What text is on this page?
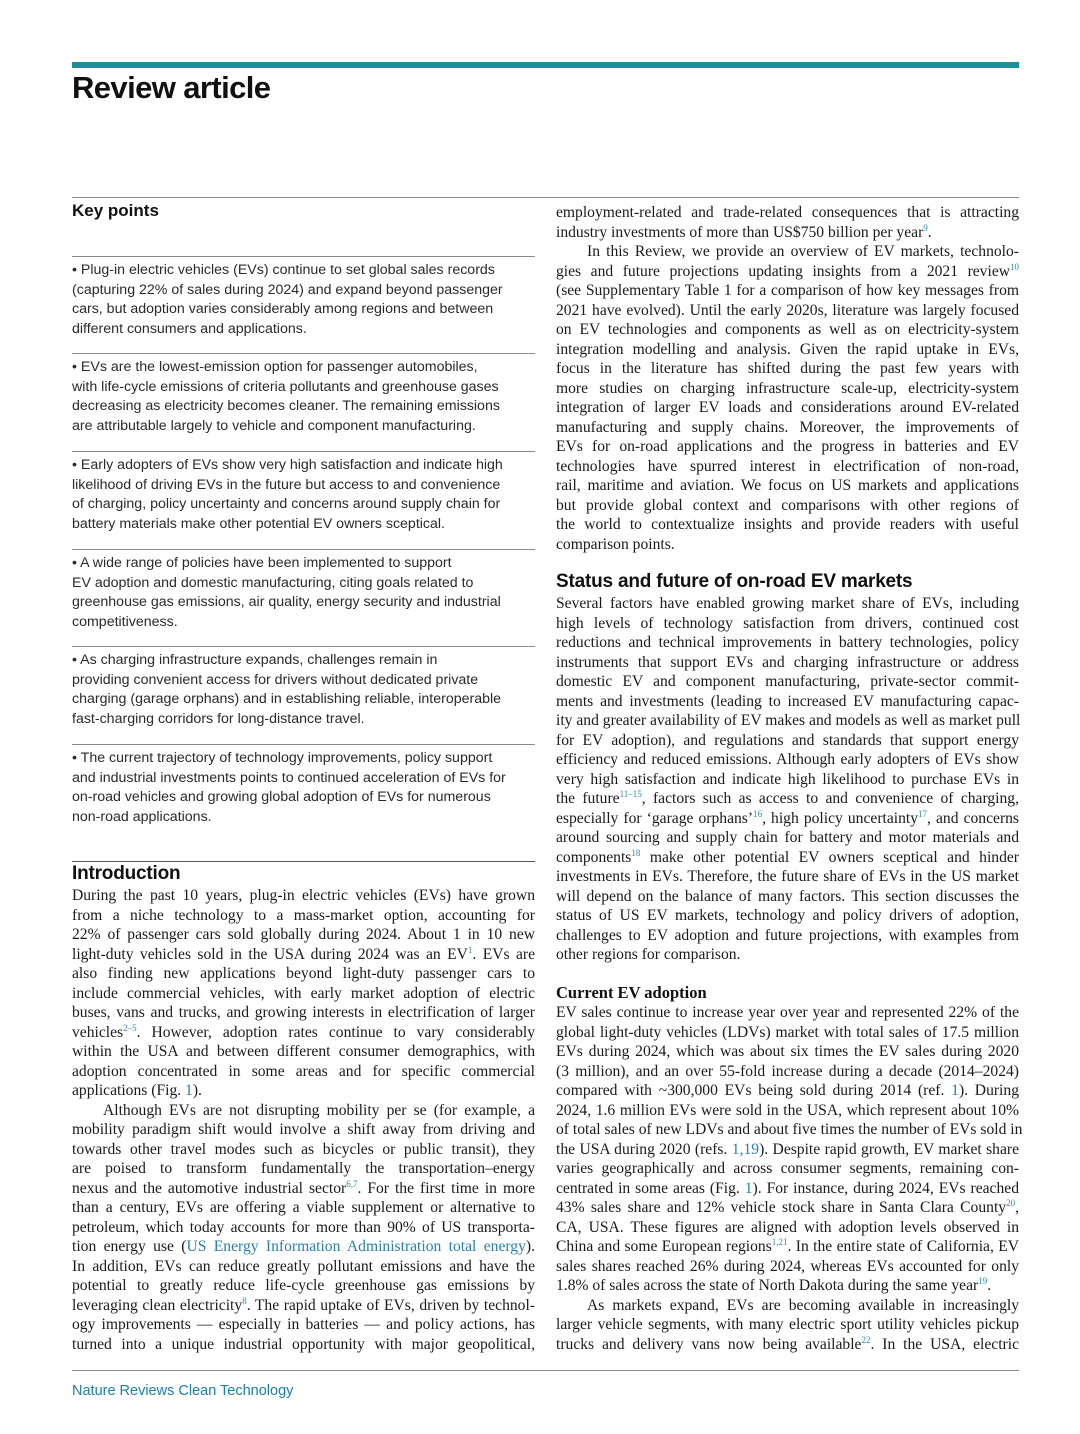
Review article
Key points
• Plug-in electric vehicles (EVs) continue to set global sales records
(capturing 22% of sales during 2024) and expand beyond passenger
cars, but adoption varies considerably among regions and between
different consumers and applications.
• EVs are the lowest-emission option for passenger automobiles,
with life-cycle emissions of criteria pollutants and greenhouse gases
decreasing as electricity becomes cleaner. The remaining emissions
are attributable largely to vehicle and component manufacturing.
• Early adopters of EVs show very high satisfaction and indicate high
likelihood of driving EVs in the future but access to and convenience
of charging, policy uncertainty and concerns around supply chain for
battery materials make other potential EV owners sceptical.
• A wide range of policies have been implemented to support
EV adoption and domestic manufacturing, citing goals related to
greenhouse gas emissions, air quality, energy security and industrial
competitiveness.
• As charging infrastructure expands, challenges remain in
providing convenient access for drivers without dedicated private
charging (garage orphans) and in establishing reliable, interoperable
fast-charging corridors for long-distance travel.
• The current trajectory of technology improvements, policy support
and industrial investments points to continued acceleration of EVs for
on-road vehicles and growing global adoption of EVs for numerous
non-road applications.
Introduction
During the past 10 years, plug-in electric vehicles (EVs) have grown
from a niche technology to a mass-market option, accounting for
22% of passenger cars sold globally during 2024. About 1 in 10 new
light-duty vehicles sold in the USA during 2024 was an $EV^1$. EVs are
also finding new applications beyond light-duty passenger cars to
include commercial vehicles, with early market adoption of electric
buses, vans and trucks, and growing interests in electrification of larger
vehicles$^{2-5}$. However, adoption rates continue to vary considerably
within the USA and between different consumer demographics, with
adoption concentrated in some areas and for specific commercial
applications (Fig. 1).
Although EVs are not disrupting mobility per se (for example, a
mobility paradigm shift would involve a shift away from driving and
towards other travel modes such as bicycles or public transit), they
are poised to transform fundamentally the transportation–energy
nexus and the automotive industrial sector$^{6,7}$. For the first time in more
than a century, EVs are offering a viable supplement or alternative to
petroleum, which today accounts for more than 90% of US transporta-
tion energy use (US Energy Information Administration total energy).
In addition, EVs can reduce greatly pollutant emissions and have the
potential to greatly reduce life-cycle greenhouse gas emissions by
leveraging clean electricity$^8$. The rapid uptake of EVs, driven by technol-
ogy improvements — especially in batteries — and policy actions, has
turned into a unique industrial opportunity with major geopolitical,
employment-related and trade-related consequences that is attracting
industry investments of more than US$750 billion per year$^9$.
In this Review, we provide an overview of EV markets, technolo-
gies and future projections updating insights from a 2021 review$^{10}$
(see Supplementary Table 1 for a comparison of how key messages from
2021 have evolved). Until the early 2020s, literature was largely focused
on EV technologies and components as well as on electricity-system
integration modelling and analysis. Given the rapid uptake in EVs,
focus in the literature has shifted during the past few years with
more studies on charging infrastructure scale-up, electricity-system
integration of larger EV loads and considerations around EV-related
manufacturing and supply chains. Moreover, the improvements of
EVs for on-road applications and the progress in batteries and EV
technologies have spurred interest in electrification of non-road,
rail, maritime and aviation. We focus on US markets and applications
but provide global context and comparisons with other regions of
the world to contextualize insights and provide readers with useful
comparison points.
Status and future of on-road EV markets
Several factors have enabled growing market share of EVs, including
high levels of technology satisfaction from drivers, continued cost
reductions and technical improvements in battery technologies, policy
instruments that support EVs and charging infrastructure or address
domestic EV and component manufacturing, private-sector commit-
ments and investments (leading to increased EV manufacturing capac-
ity and greater availability of EV makes and models as well as market pull
for EV adoption), and regulations and standards that support energy
efficiency and reduced emissions. Although early adopters of EVs show
very high satisfaction and indicate high likelihood to purchase EVs in
the future$^{11-15}$, factors such as access to and convenience of charging,
especially for ‘garage orphans’$^{16}$, high policy uncertainty$^{17}$, and concerns
around sourcing and supply chain for battery and motor materials and
components$^{18}$ make other potential EV owners sceptical and hinder
investments in EVs. Therefore, the future share of EVs in the US market
will depend on the balance of many factors. This section discusses the
status of US EV markets, technology and policy drivers of adoption,
challenges to EV adoption and future projections, with examples from
other regions for comparison.
Current EV adoption
EV sales continue to increase year over year and represented 22% of the
global light-duty vehicles (LDVs) market with total sales of 17.5 million
EVs during 2024, which was about six times the EV sales during 2020
(3 million), and an over 55-fold increase during a decade (2014–2024)
compared with ~300,000 EVs being sold during 2014 (ref. 1). During
2024, 1.6 million EVs were sold in the USA, which represent about 10%
of total sales of new LDVs and about five times the number of EVs sold in
the USA during 2020 (refs. 1,19). Despite rapid growth, EV market share
varies geographically and across consumer segments, remaining con-
centrated in some areas (Fig. 1). For instance, during 2024, EVs reached
43% sales share and 12% vehicle stock share in Santa Clara County$^{20}$,
CA, USA. These figures are aligned with adoption levels observed in
China and some European regions$^{1,21}$. In the entire state of California, EV
sales shares reached 26% during 2024, whereas EVs accounted for only
1.8% of sales across the state of North Dakota during the same year$^{19}$.
As markets expand, EVs are becoming available in increasingly
larger vehicle segments, with many electric sport utility vehicles pickup
trucks and delivery vans now being available$^{22}$. In the USA, electric
Nature Reviews Clean Technology
